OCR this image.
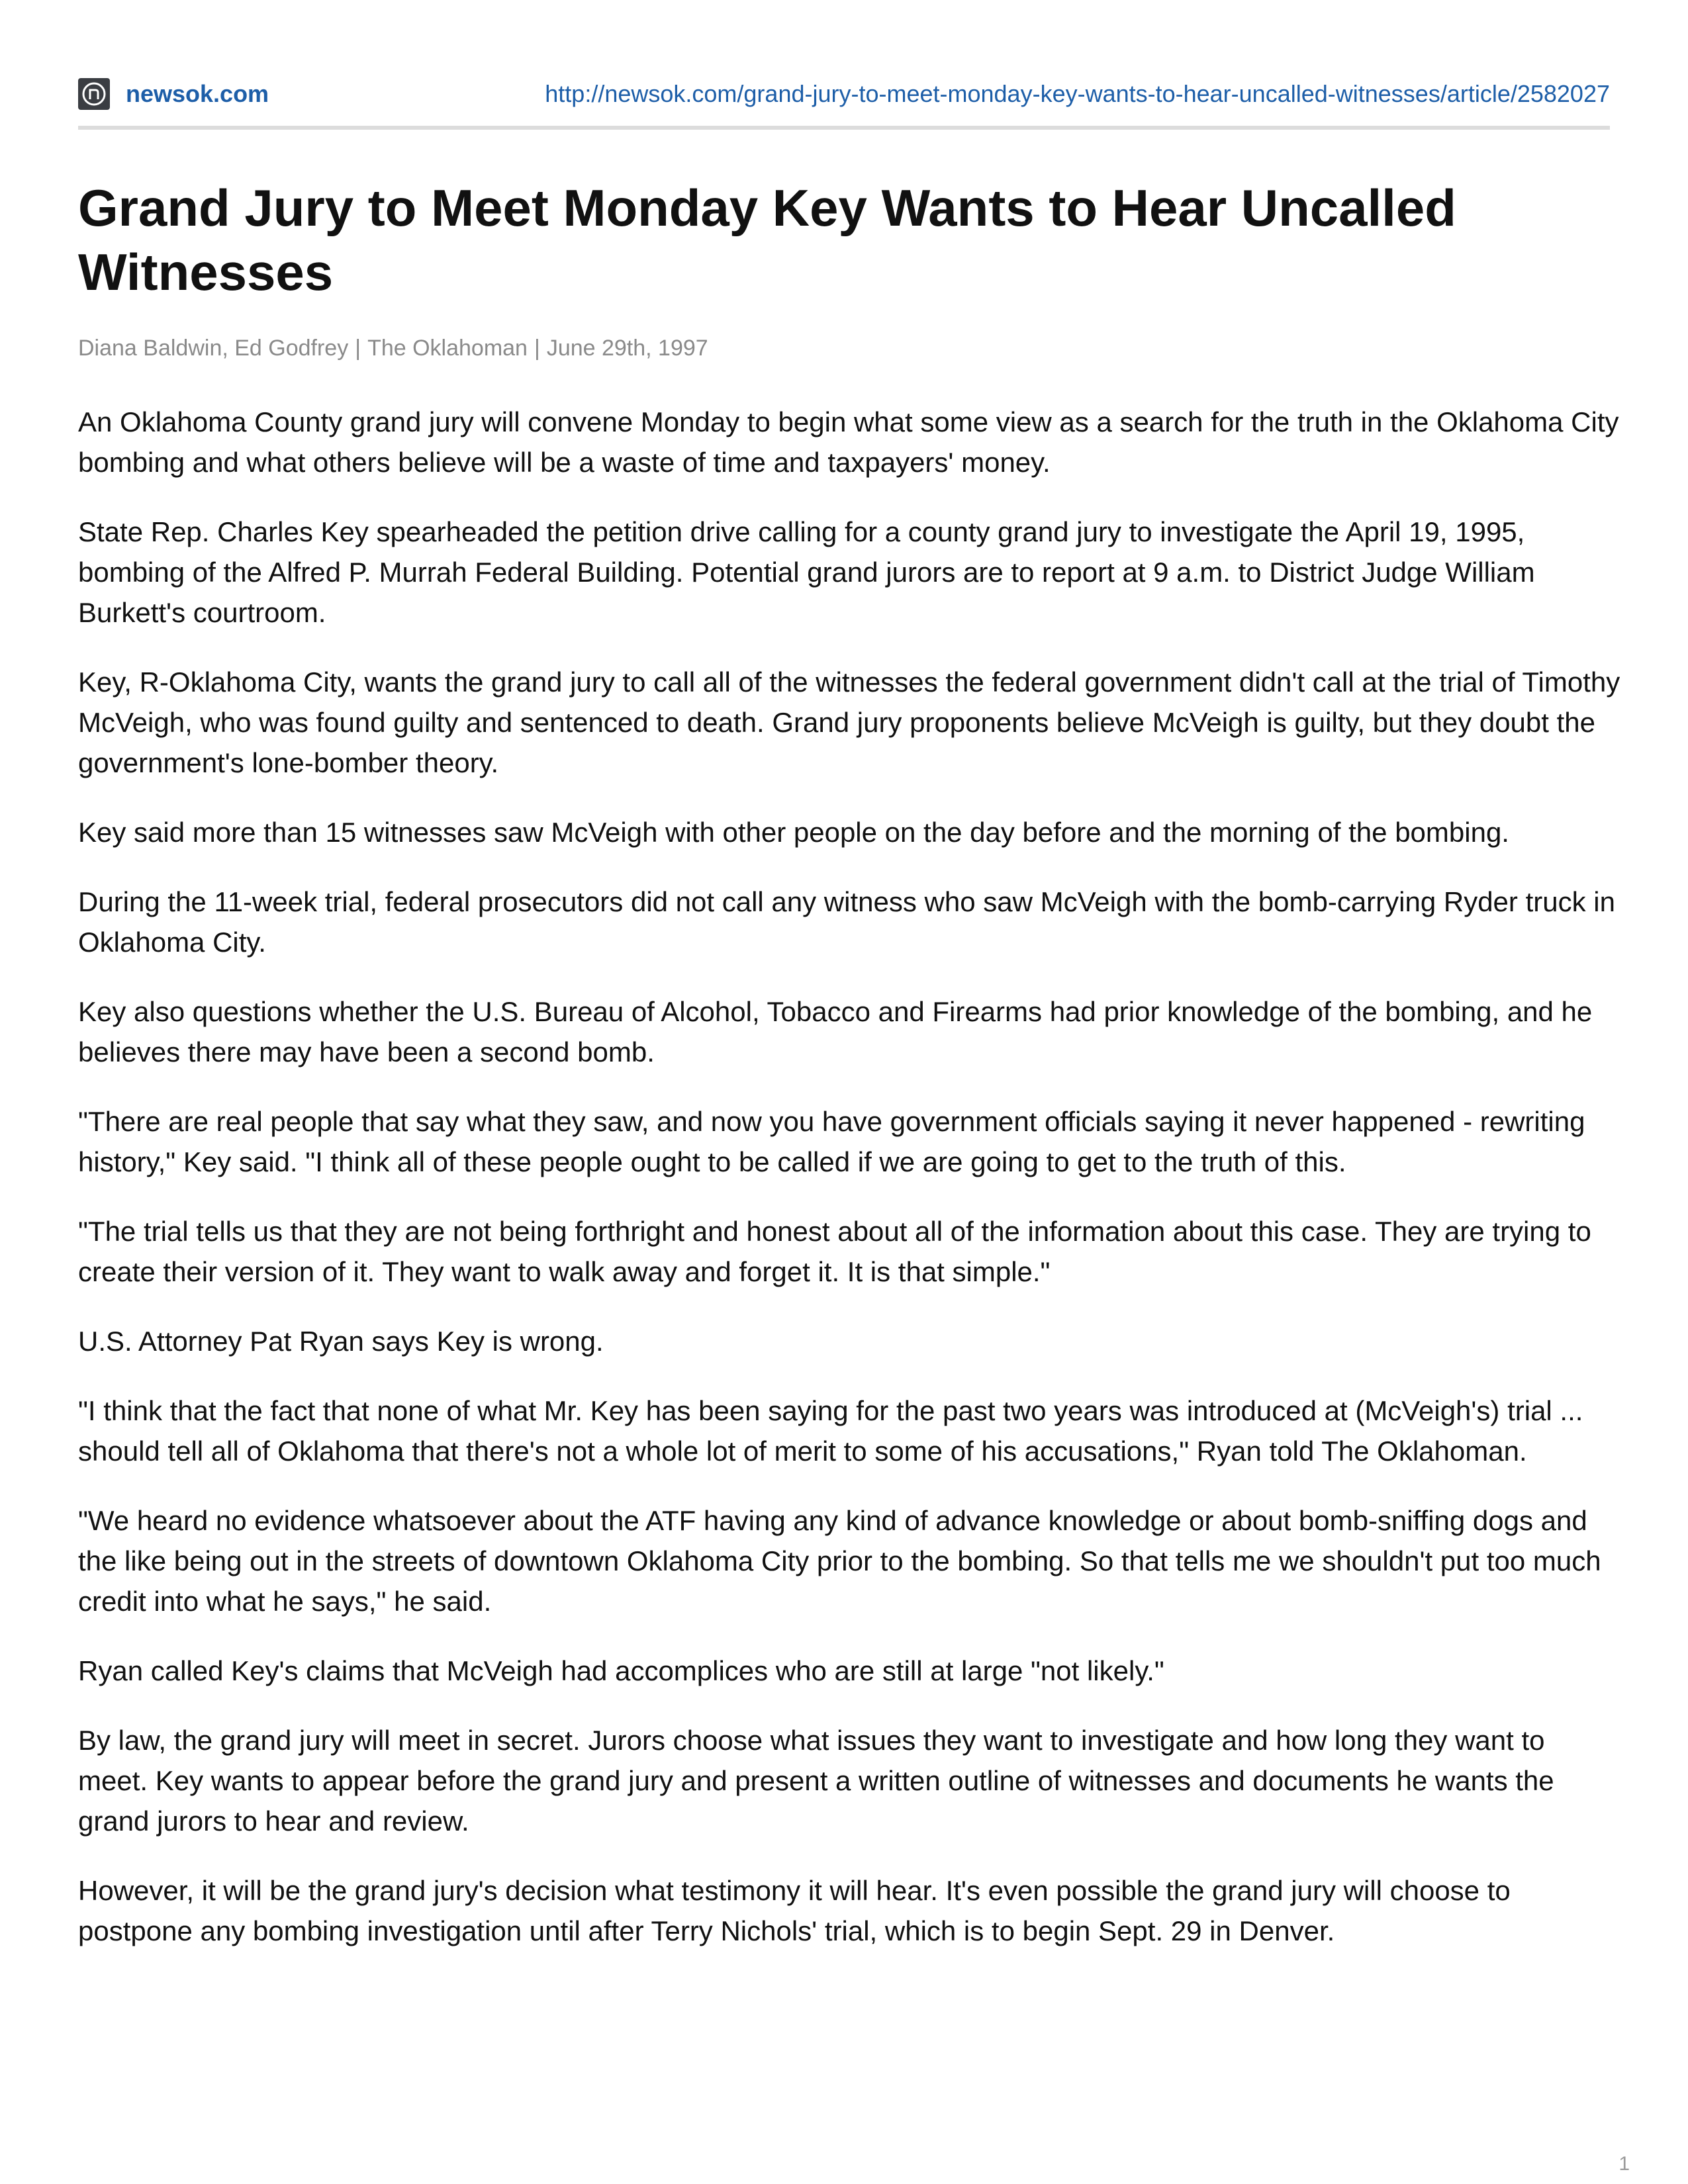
newsok.com	http://newsok.com/grand-jury-to-meet-monday-key-wants-to-hear-uncalled-witnesses/article/2582027
Grand Jury to Meet Monday Key Wants to Hear Uncalled Witnesses
Diana Baldwin, Ed Godfrey | The Oklahoman | June 29th, 1997

An Oklahoma County grand jury will convene Monday to begin what some view as a search for the truth in the Oklahoma City bombing and what others believe will be a waste of time and taxpayers' money.

State Rep. Charles Key spearheaded the petition drive calling for a county grand jury to investigate the April 19, 1995, bombing of the Alfred P. Murrah Federal Building. Potential grand jurors are to report at 9 a.m. to District Judge William Burkett's courtroom.

Key, R-Oklahoma City, wants the grand jury to call all of the witnesses the federal government didn't call at the trial of Timothy McVeigh, who was found guilty and sentenced to death. Grand jury proponents believe McVeigh is guilty, but they doubt the government's lone-bomber theory.

Key said more than 15 witnesses saw McVeigh with other people on the day before and the morning of the bombing.

During the 11-week trial, federal prosecutors did not call any witness who saw McVeigh with the bomb-carrying Ryder truck in Oklahoma City.

Key also questions whether the U.S. Bureau of Alcohol, Tobacco and Firearms had prior knowledge of the bombing, and he believes there may have been a second bomb.

"There are real people that say what they saw, and now you have government officials saying it never happened - rewriting history," Key said. "I think all of these people ought to be called if we are going to get to the truth of this.

"The trial tells us that they are not being forthright and honest about all of the information about this case. They are trying to create their version of it. They want to walk away and forget it. It is that simple."

U.S. Attorney Pat Ryan says Key is wrong.

"I think that the fact that none of what Mr. Key has been saying for the past two years was introduced at (McVeigh's) trial ... should tell all of Oklahoma that there's not a whole lot of merit to some of his accusations," Ryan told The Oklahoman.

"We heard no evidence whatsoever about the ATF having any kind of advance knowledge or about bomb-sniffing dogs and the like being out in the streets of downtown Oklahoma City prior to the bombing. So that tells me we shouldn't put too much credit into what he says," he said.

Ryan called Key's claims that McVeigh had accomplices who are still at large "not likely."

By law, the grand jury will meet in secret. Jurors choose what issues they want to investigate and how long they want to meet. Key wants to appear before the grand jury and present a written outline of witnesses and documents he wants the grand jurors to hear and review.

However, it will be the grand jury's decision what testimony it will hear. It's even possible the grand jury will choose to postpone any bombing investigation until after Terry Nichols' trial, which is to begin Sept. 29 in Denver.

1
